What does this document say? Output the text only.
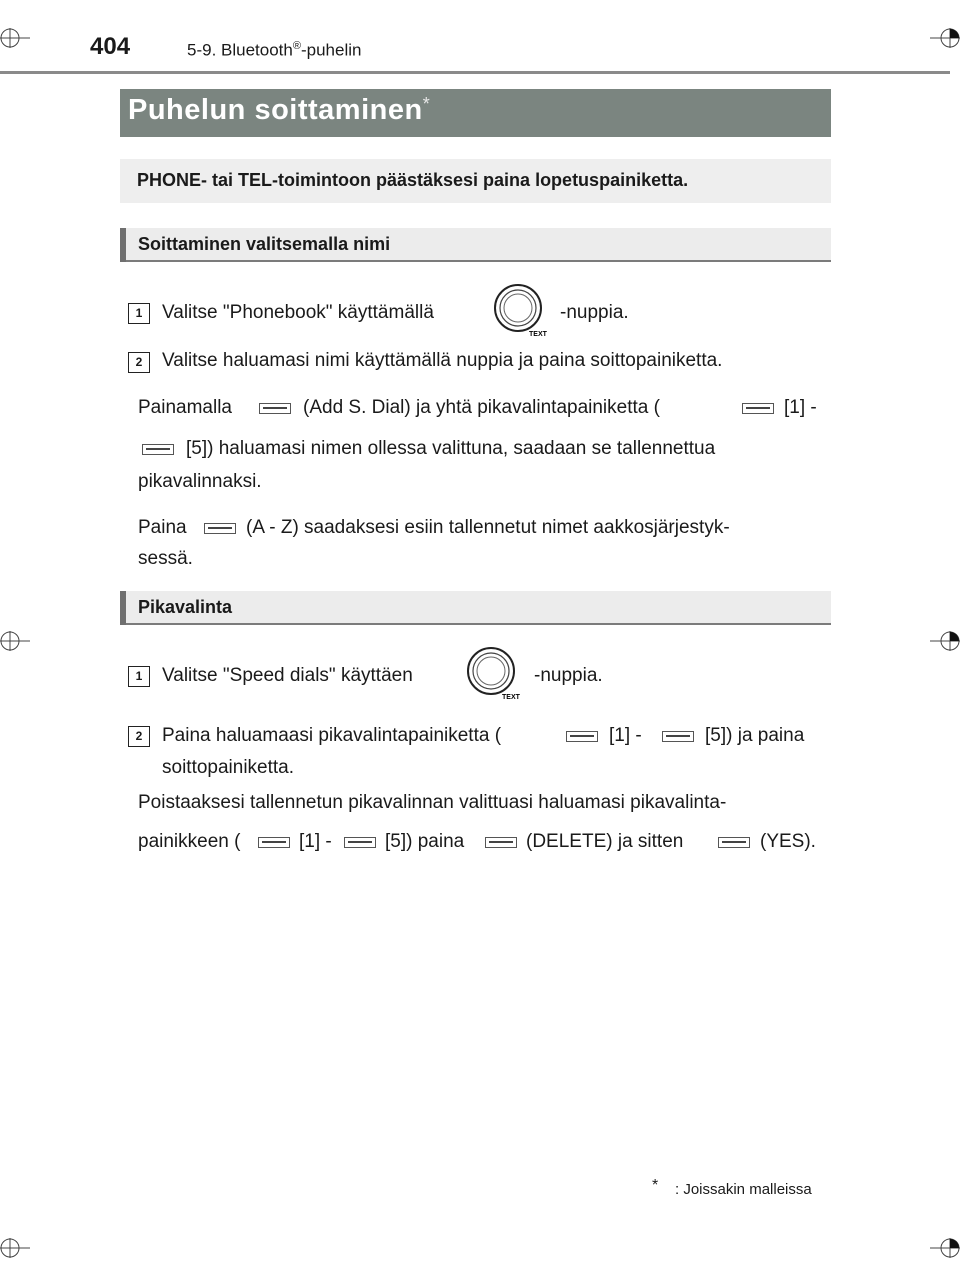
404	5-9. Bluetooth®-puhelin
Puhelun soittaminen*
PHONE- tai TEL-toimintoon päästäksesi paina lopetuspainiketta.
Soittaminen valitsemalla nimi
1	Valitse "Phonebook" käyttämällä
TEXT
-nuppia.
2	Valitse haluamasi nimi käyttämällä nuppia ja paina soittopainiketta.
Painamalla	(Add S. Dial) ja yhtä pikavalintapainiketta (	[1] -
[5]) haluamasi nimen ollessa valittuna, saadaan se tallennettua
pikavalinnaksi.
Paina	(A - Z) saadaksesi esiin tallennetut nimet aakkosjärjestyk-
sessä.
Pikavalinta
1	Valitse "Speed dials" käyttäen
TEXT
-nuppia.
2	Paina haluamaasi pikavalintapainiketta (	[1] -	[5]) ja paina
soittopainiketta.
Poistaaksesi tallennetun pikavalinnan valittuasi haluamasi pikavalinta-
painikkeen (	[1] -	[5]) paina	(DELETE) ja sitten	(YES).
* : Joissakin malleissa
